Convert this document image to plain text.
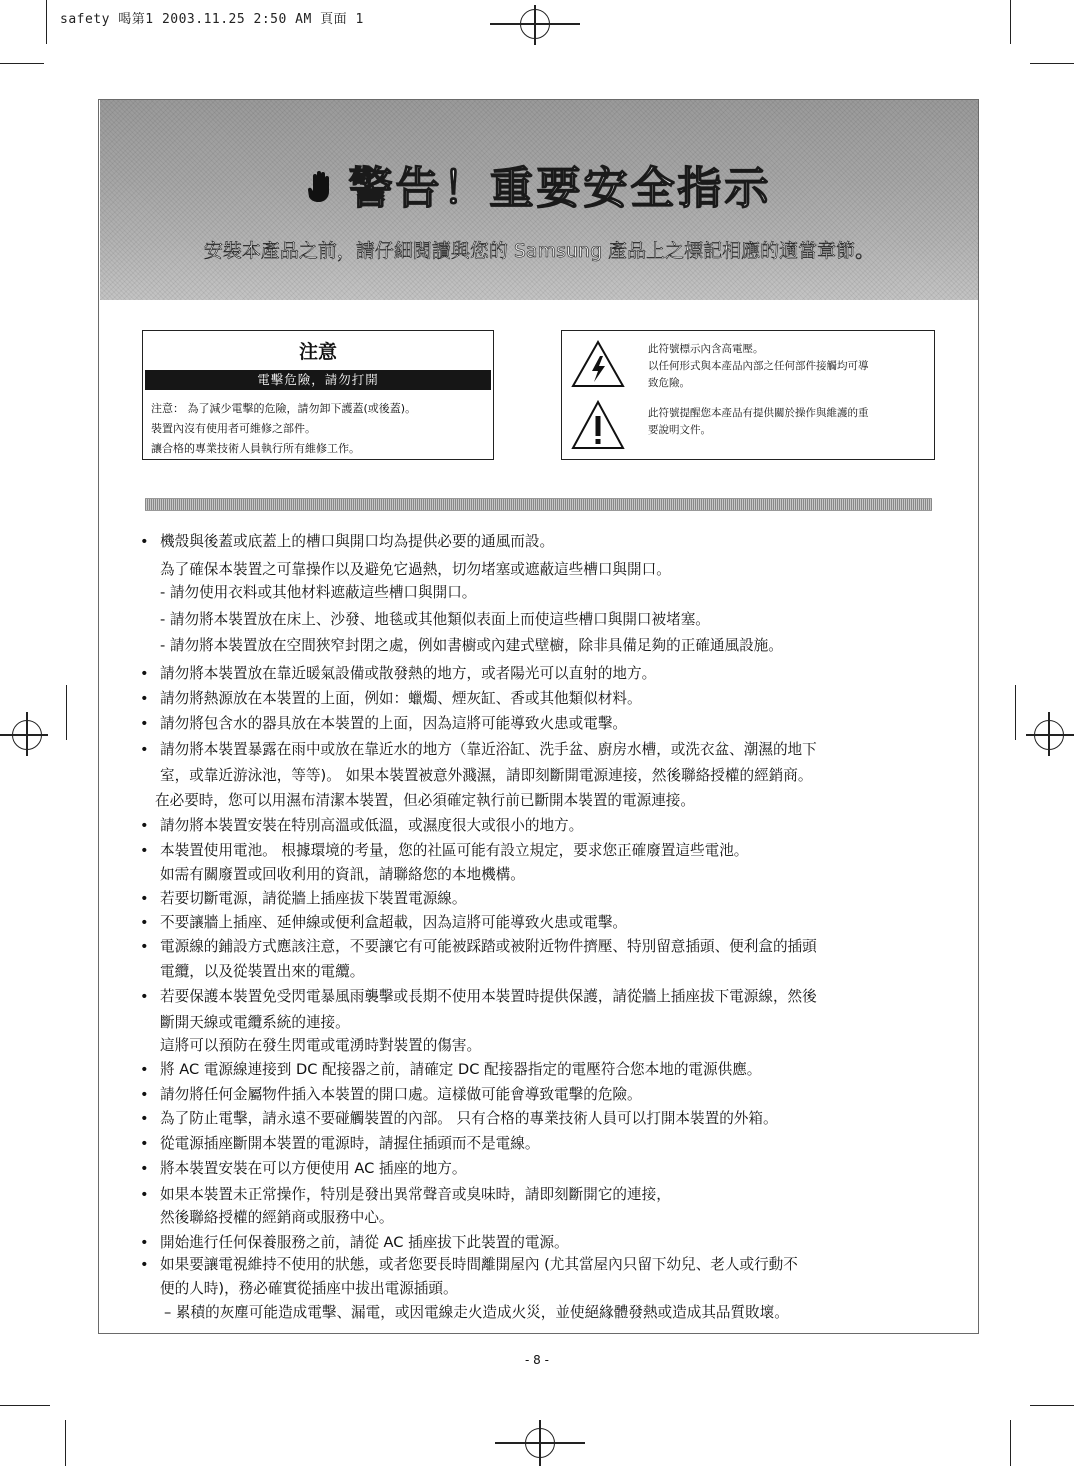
safety 喝第1 2003.11.25 2:50 AM 頁面 1
警告！重要安全指示
安裝本產品之前，請仔細閱讀與您的 Samsung 產品上之標記相應的適當章節。
注意
電擊危險，請勿打開
注意： 為了減少電擊的危險，請勿卸下護蓋(或後蓋)。
裝置內沒有使用者可維修之部件。
讓合格的專業技術人員執行所有維修工作。
此符號標示內含高電壓。
以任何形式與本產品內部之任何部件接觸均可導
致危險。
此符號提醒您本產品有提供關於操作與維護的重
要說明文件。
• 機殼與後蓋或底蓋上的槽口與開口均為提供必要的通風而設。
為了確保本裝置之可靠操作以及避免它過熱，切勿堵塞或遮蔽這些槽口與開口。
- 請勿使用衣料或其他材料遮蔽這些槽口與開口。
- 請勿將本裝置放在床上、沙發、地毯或其他類似表面上而使這些槽口與開口被堵塞。
- 請勿將本裝置放在空間狹窄封閉之處，例如書櫥或內建式壁櫥，除非具備足夠的正確通風設施。
• 請勿將本裝置放在靠近暖氣設備或散發熱的地方，或者陽光可以直射的地方。
• 請勿將熱源放在本裝置的上面，例如：蠟燭、煙灰缸、香或其他類似材料。
• 請勿將包含水的器具放在本裝置的上面，因為這將可能導致火患或電擊。
• 請勿將本裝置暴露在雨中或放在靠近水的地方（靠近浴缸、洗手盆、廚房水槽，或洗衣盆、潮濕的地下
室，或靠近游泳池，等等)。 如果本裝置被意外濺濕，請即刻斷開電源連接，然後聯絡授權的經銷商。
在必要時，您可以用濕布清潔本裝置，但必須確定執行前已斷開本裝置的電源連接。
• 請勿將本裝置安裝在特別高溫或低溫，或濕度很大或很小的地方。
• 本裝置使用電池。 根據環境的考量，您的社區可能有設立規定，要求您正確廢置這些電池。
如需有關廢置或回收利用的資訊，請聯絡您的本地機構。
• 若要切斷電源，請從牆上插座拔下裝置電源線。
• 不要讓牆上插座、延伸線或便利盒超載，因為這將可能導致火患或電擊。
• 電源線的鋪設方式應該注意，不要讓它有可能被踩踏或被附近物件擠壓、特別留意插頭、便利盒的插頭
電纜，以及從裝置出來的電纜。
• 若要保護本裝置免受閃電暴風雨襲擊或長期不使用本裝置時提供保護，請從牆上插座拔下電源線，然後
斷開天線或電纜系統的連接。
這將可以預防在發生閃電或電湧時對裝置的傷害。
• 將 AC 電源線連接到 DC 配接器之前，請確定 DC 配接器指定的電壓符合您本地的電源供應。
• 請勿將任何金屬物件插入本裝置的開口處。這樣做可能會導致電擊的危險。
• 為了防止電擊，請永遠不要碰觸裝置的內部。 只有合格的專業技術人員可以打開本裝置的外箱。
• 從電源插座斷開本裝置的電源時，請握住插頭而不是電線。
• 將本裝置安裝在可以方便使用 AC 插座的地方。
• 如果本裝置未正常操作，特別是發出異常聲音或臭味時，請即刻斷開它的連接，
然後聯絡授權的經銷商或服務中心。
• 開始進行任何保養服務之前，請從 AC 插座拔下此裝置的電源。
• 如果要讓電視維持不使用的狀態，或者您要長時間離開屋內 (尤其當屋內只留下幼兒、老人或行動不
便的人時)，務必確實從插座中拔出電源插頭。
– 累積的灰塵可能造成電擊、漏電，或因電線走火造成火災，並使絕緣體發熱或造成其品質敗壞。
- 8 -
